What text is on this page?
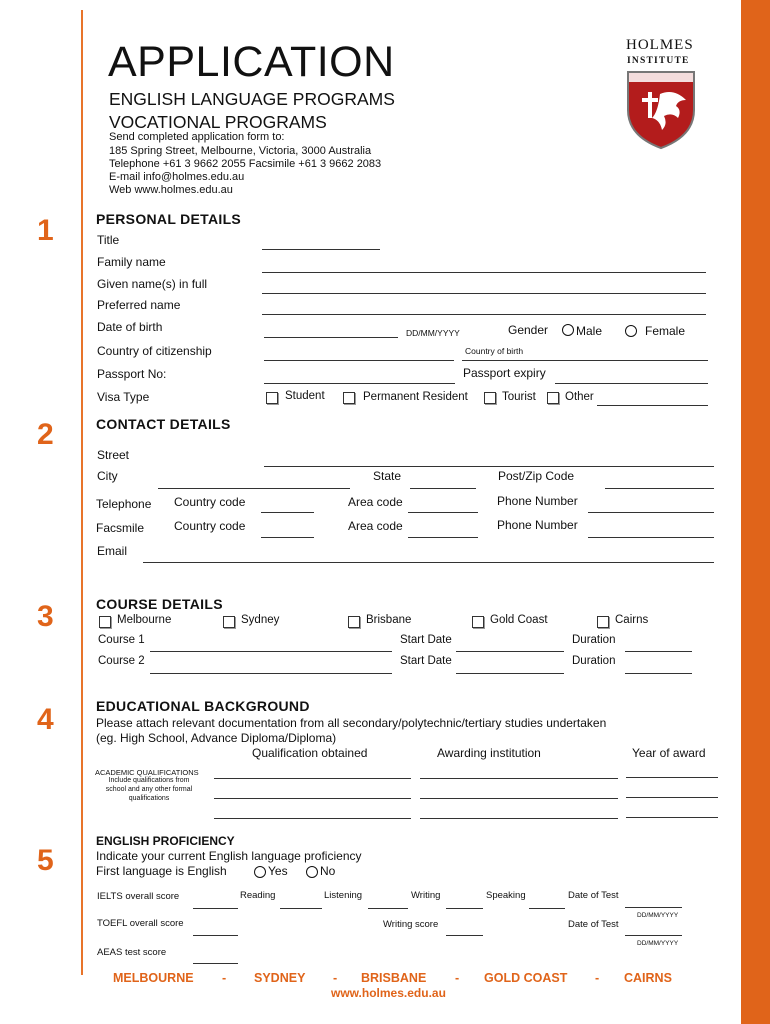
APPLICATION
ENGLISH LANGUAGE PROGRAMS
VOCATIONAL PROGRAMS
Send completed application form to:
185 Spring Street, Melbourne, Victoria, 3000 Australia
Telephone +61 3 9662 2055 Facsimile +61 3 9662 2083
E-mail info@holmes.edu.au
Web www.holmes.edu.au
HOLMES
INSTITUTE
1
2
3
4
5
PERSONAL DETAILS
Title
Family name
Given name(s) in full
Preferred name
Date of birth	DD/MM/YYYY	Gender Male	Female
Country of citizenship	Country of birth
Passport No:	Passport expiry
Visa Type	Student	Permanent Resident	Tourist	Other
CONTACT DETAILS
Street
City	State	Post/Zip Code
Telephone Country code	Area code	Phone Number
Facsmile Country code	Area code	Phone Number
Email
COURSE DETAILS
Melbourne	Sydney	Brisbane	Gold Coast	Cairns
Course 1	Start Date	Duration
Course 2	Start Date	Duration
EDUCATIONAL BACKGROUND
Please attach relevant documentation from all secondary/polytechnic/tertiary studies undertaken
(eg. High School, Advance Diploma/Diploma)
Qualification obtained	Awarding institution	Year of award
ACADEMIC QUALIFICATIONS
Include qualifications from
school and any other formal
qualifications
ENGLISH PROFICIENCY
Indicate your current English language proficiency
First language is English	Yes	No
IELTS overall score	Reading	Listening	Writing	Speaking	Date of Test
DD/MM/YYYY
TOEFL overall score	Writing score	Date of Test
DD/MM/YYYY
AEAS test score
MELBOURNE - SYDNEY - BRISBANE - GOLD COAST - CAIRNS
www.holmes.edu.au
